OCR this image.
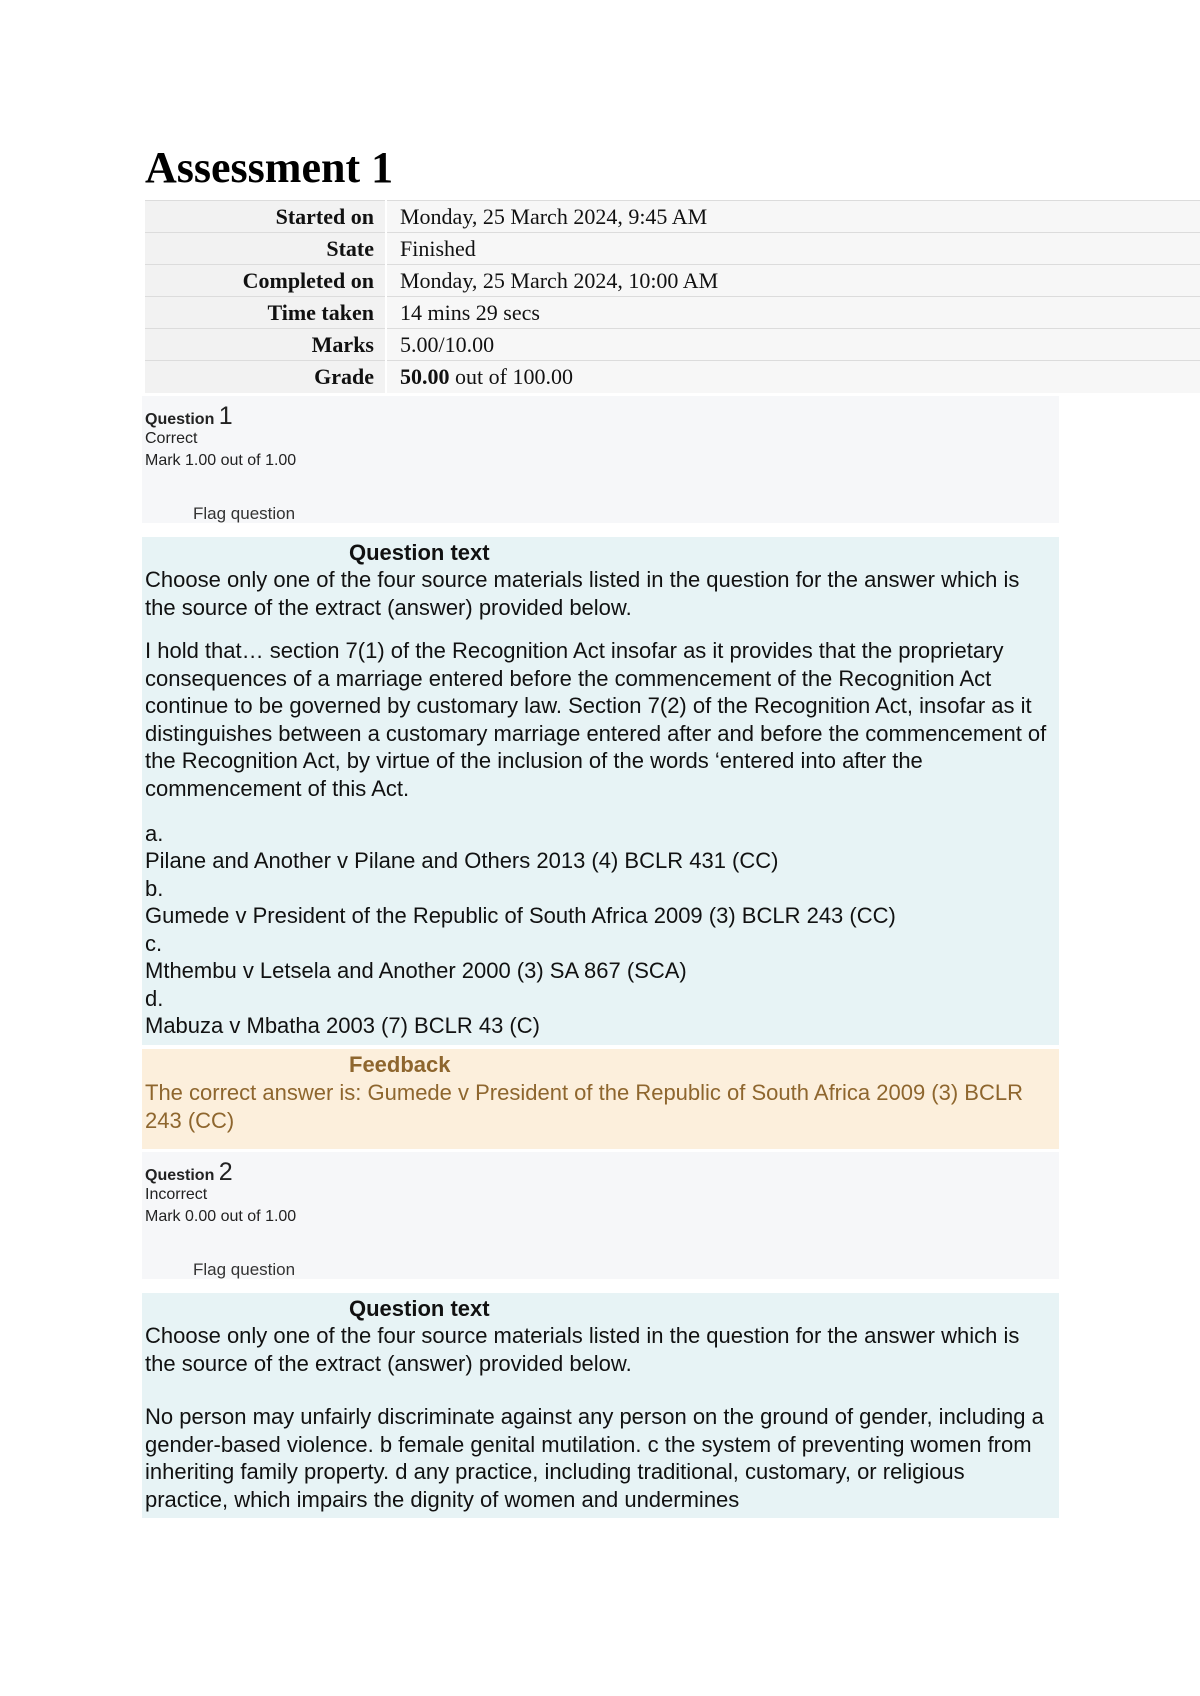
Assessment 1
Started on	Monday, 25 March 2024, 9:45 AM
State	Finished
Completed on	Monday, 25 March 2024, 10:00 AM
Time taken	14 mins 29 secs
Marks	5.00/10.00
Grade	50.00 out of 100.00
Question 1
Correct
Mark 1.00 out of 1.00
Flag question
Question text
Choose only one of the four source materials listed in the question for the answer which is the source of the extract (answer) provided below.
I hold that… section 7(1) of the Recognition Act insofar as it provides that the proprietary consequences of a marriage entered before the commencement of the Recognition Act continue to be governed by customary law. Section 7(2) of the Recognition Act, insofar as it distinguishes between a customary marriage entered after and before the commencement of the Recognition Act, by virtue of the inclusion of the words ‘entered into after the commencement of this Act.
a.
Pilane and Another v Pilane and Others 2013 (4) BCLR 431 (CC)
b.
Gumede v President of the Republic of South Africa 2009 (3) BCLR 243 (CC)
c.
Mthembu v Letsela and Another 2000 (3) SA 867 (SCA)
d.
Mabuza v Mbatha 2003 (7) BCLR 43 (C)
Feedback
The correct answer is: Gumede v President of the Republic of South Africa 2009 (3) BCLR 243 (CC)
Question 2
Incorrect
Mark 0.00 out of 1.00
Flag question
Question text
Choose only one of the four source materials listed in the question for the answer which is the source of the extract (answer) provided below.
No person may unfairly discriminate against any person on the ground of gender, including a gender-based violence. b female genital mutilation. c the system of preventing women from inheriting family property. d any practice, including traditional, customary, or religious practice, which impairs the dignity of women and undermines
